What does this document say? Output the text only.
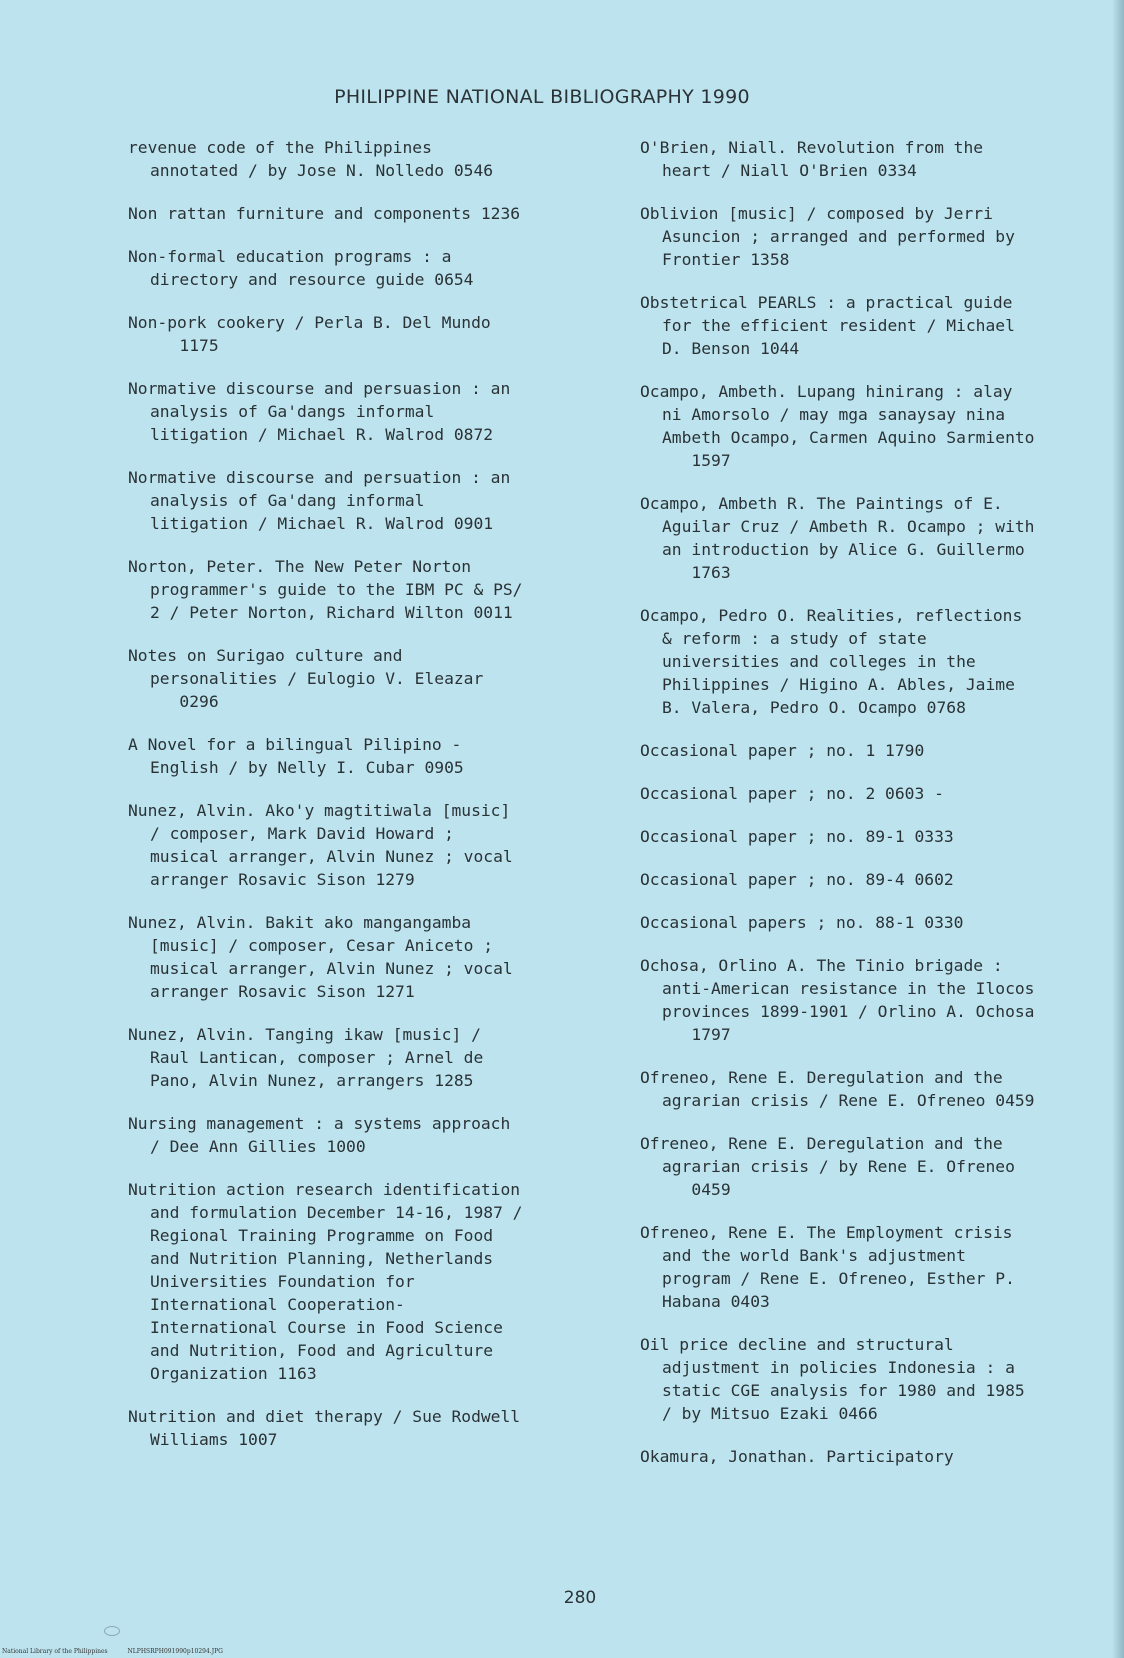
PHILIPPINE NATIONAL BIBLIOGRAPHY 1990

revenue code of the Philippines
annotated / by Jose N. Nolledo 0546

Non rattan furniture and components 1236

Non-formal education programs : a
directory and resource guide 0654

Non-pork cookery / Perla B. Del Mundo
1175

Normative discourse and persuasion : an
analysis of Ga'dangs informal
litigation / Michael R. Walrod 0872

Normative discourse and persuation : an
analysis of Ga'dang informal
litigation / Michael R. Walrod 0901

Norton, Peter. The New Peter Norton
programmer's guide to the IBM PC & PS/
2 / Peter Norton, Richard Wilton 0011

Notes on Surigao culture and
personalities / Eulogio V. Eleazar
0296

A Novel for a bilingual Pilipino -
English / by Nelly I. Cubar 0905

Nunez, Alvin. Ako'y magtitiwala [music]
/ composer, Mark David Howard ;
musical arranger, Alvin Nunez ; vocal
arranger Rosavic Sison 1279

Nunez, Alvin. Bakit ako mangangamba
[music] / composer, Cesar Aniceto ;
musical arranger, Alvin Nunez ; vocal
arranger Rosavic Sison 1271

Nunez, Alvin. Tanging ikaw [music] /
Raul Lantican, composer ; Arnel de
Pano, Alvin Nunez, arrangers 1285

Nursing management : a systems approach
/ Dee Ann Gillies 1000

Nutrition action research identification
and formulation December 14-16, 1987 /
Regional Training Programme on Food
and Nutrition Planning, Netherlands
Universities Foundation for
International Cooperation-
International Course in Food Science
and Nutrition, Food and Agriculture
Organization 1163

Nutrition and diet therapy / Sue Rodwell
Williams 1007

O'Brien, Niall. Revolution from the
heart / Niall O'Brien 0334

Oblivion [music] / composed by Jerri
Asuncion ; arranged and performed by
Frontier 1358

Obstetrical PEARLS : a practical guide
for the efficient resident / Michael
D. Benson 1044

Ocampo, Ambeth. Lupang hinirang : alay
ni Amorsolo / may mga sanaysay nina
Ambeth Ocampo, Carmen Aquino Sarmiento
1597

Ocampo, Ambeth R. The Paintings of E.
Aguilar Cruz / Ambeth R. Ocampo ; with
an introduction by Alice G. Guillermo
1763

Ocampo, Pedro O. Realities, reflections
& reform : a study of state
universities and colleges in the
Philippines / Higino A. Ables, Jaime
B. Valera, Pedro O. Ocampo 0768

Occasional paper ; no. 1 1790

Occasional paper ; no. 2 0603 -

Occasional paper ; no. 89-1 0333

Occasional paper ; no. 89-4 0602

Occasional papers ; no. 88-1 0330

Ochosa, Orlino A. The Tinio brigade :
anti-American resistance in the Ilocos
provinces 1899-1901 / Orlino A. Ochosa
1797

Ofreneo, Rene E. Deregulation and the
agrarian crisis / Rene E. Ofreneo 0459

Ofreneo, Rene E. Deregulation and the
agrarian crisis / by Rene E. Ofreneo
0459

Ofreneo, Rene E. The Employment crisis
and the world Bank's adjustment
program / Rene E. Ofreneo, Esther P.
Habana 0403

Oil price decline and structural
adjustment in policies Indonesia : a
static CGE analysis for 1980 and 1985
/ by Mitsuo Ezaki 0466

Okamura, Jonathan. Participatory

280
National Library of the Philippines	NLPHSRPH091990p10294.JPG
